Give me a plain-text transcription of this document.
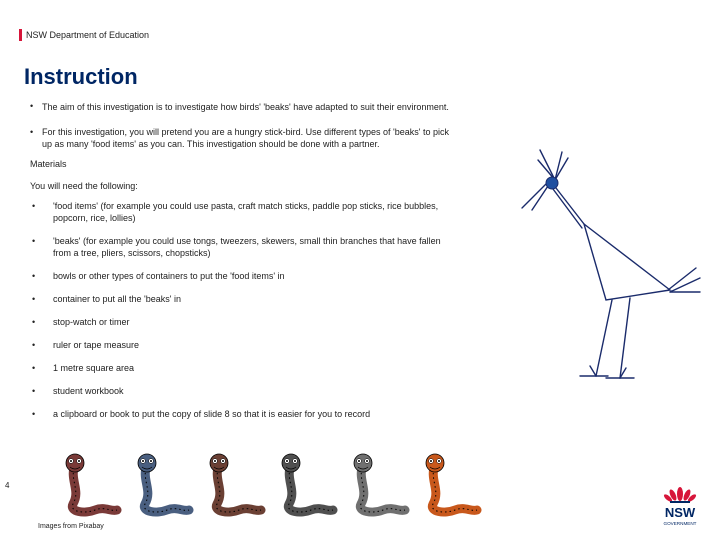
NSW Department of Education
Instruction
• The aim of this investigation is to investigate how birds' 'beaks' have adapted to suit their environment.
• For this investigation, you will pretend you are a hungry stick-bird. Use different types of 'beaks' to pick
up as many 'food items' as you can. This investigation should be done with a partner.
Materials
You will need the following:
• 'food items' (for example you could use pasta, craft match sticks, paddle pop sticks, rice bubbles,
popcorn, rice, lollies)
• 'beaks' (for example you could use tongs, tweezers, skewers, small thin branches that have fallen
from a tree, pliers, scissors, chopsticks)
• bowls or other types of containers to put the 'food items' in
• container to put all the 'beaks' in
• stop-watch or timer
• ruler or tape measure
• 1 metre square area
• student workbook
• a clipboard or book to put the copy of slide 8 so that it is easier for you to record
4
Images from Pixabay
NSW
GOVERNMENT
